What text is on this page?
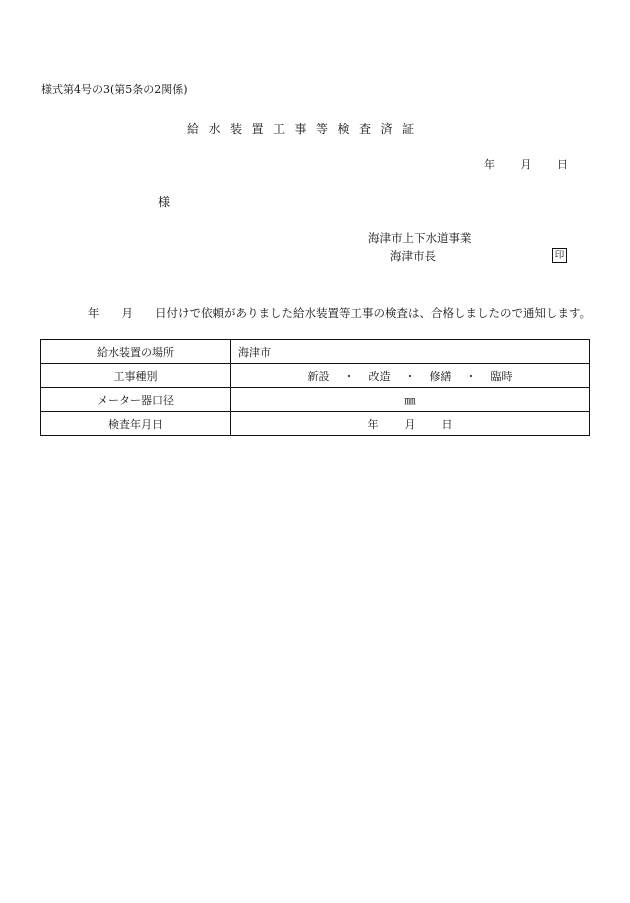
様式第4号の3(第5条の2関係)
給水装置工事等検査済証
年 月 日
様
海津市上下水道事業
海津市長	印
年 月 日付けで依頼がありました給水装置等工事の検査は、合格しましたので通知します。
給水装置の場所	海津市
工事種別	新設 ・ 改造 ・ 修繕 ・ 臨時
メーター器口径	㎜
検査年月日	年 月 日
